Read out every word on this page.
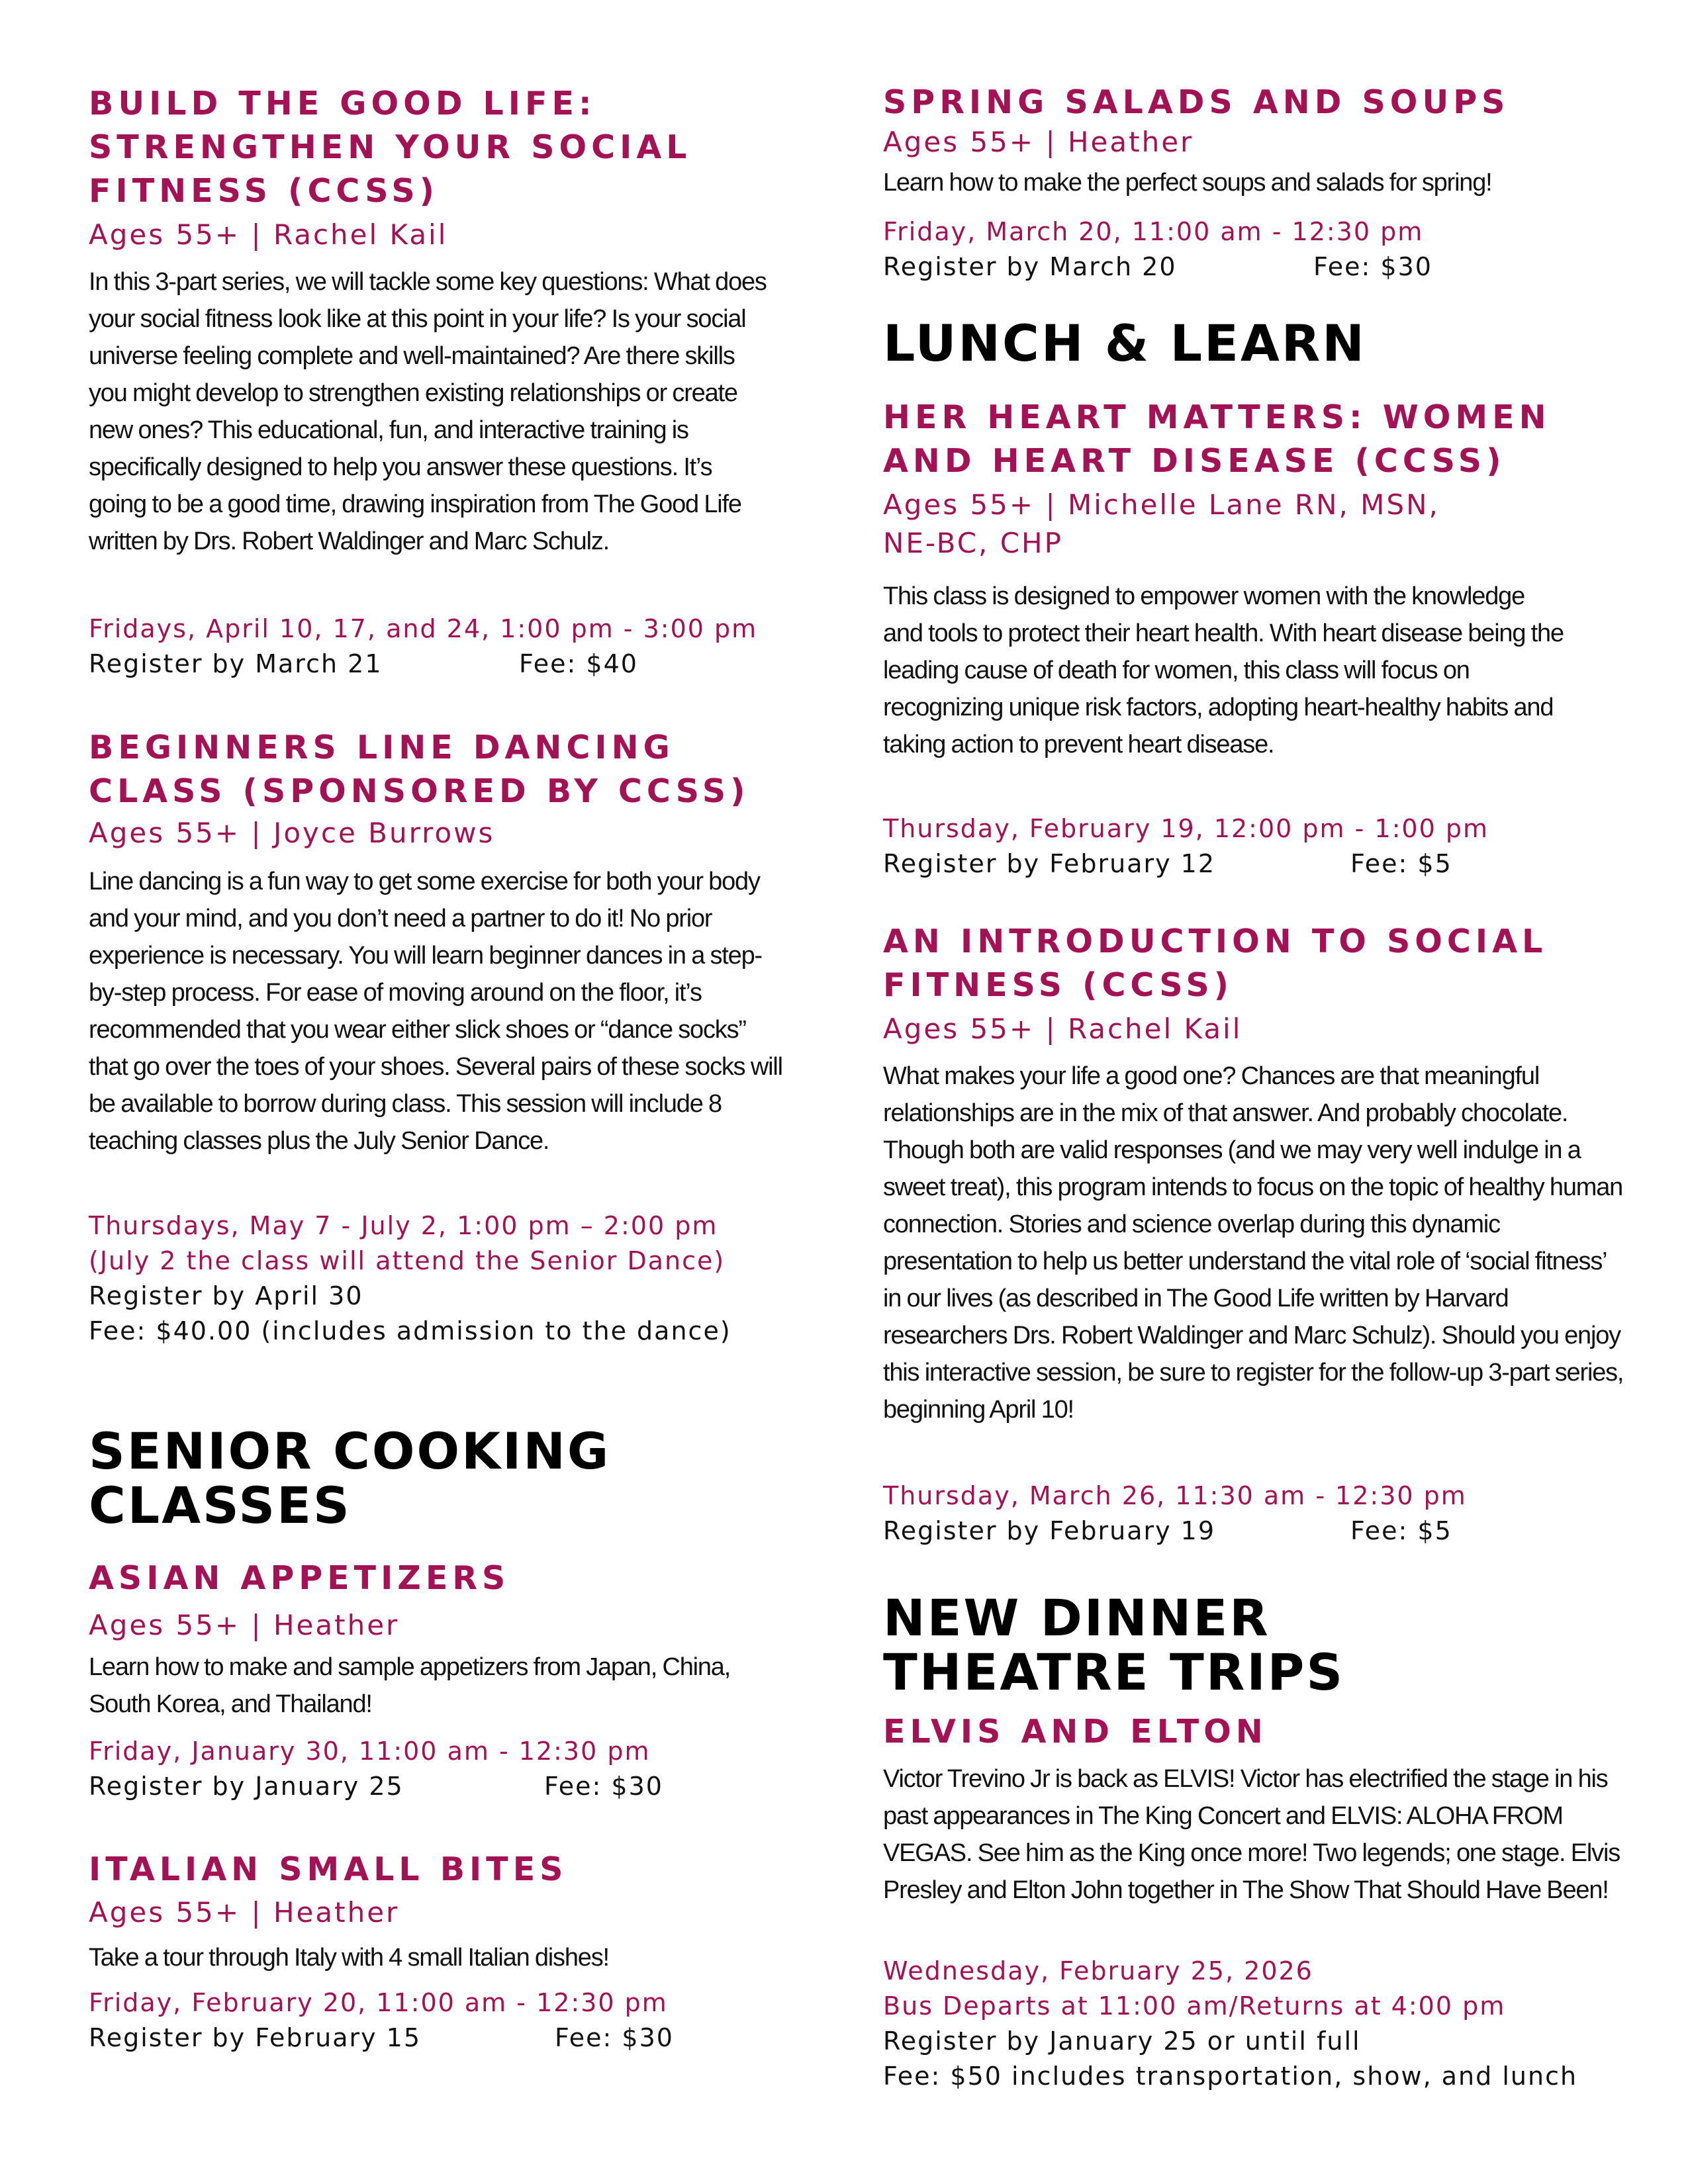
BUILD THE GOOD LIFE:
STRENGTHEN YOUR SOCIAL
FITNESS (CCSS)
Ages 55+ | Rachel Kail
In this 3-part series, we will tackle some key questions: What does your social fitness look like at this point in your life? Is your social universe feeling complete and well-maintained? Are there skills you might develop to strengthen existing relationships or create new ones? This educational, fun, and interactive training is specifically designed to help you answer these questions. It’s going to be a good time, drawing inspiration from The Good Life written by Drs. Robert Waldinger and Marc Schulz.
Fridays, April 10, 17, and 24, 1:00 pm - 3:00 pm
Register by March 21	Fee: $40
BEGINNERS LINE DANCING
CLASS (SPONSORED BY CCSS)
Ages 55+ | Joyce Burrows
Line dancing is a fun way to get some exercise for both your body and your mind, and you don’t need a partner to do it! No prior experience is necessary. You will learn beginner dances in a step-by-step process. For ease of moving around on the floor, it’s recommended that you wear either slick shoes or “dance socks” that go over the toes of your shoes. Several pairs of these socks will be available to borrow during class. This session will include 8 teaching classes plus the July Senior Dance.
Thursdays, May 7 - July 2, 1:00 pm – 2:00 pm
(July 2 the class will attend the Senior Dance)
Register by April 30
Fee: $40.00 (includes admission to the dance)
SENIOR COOKING
CLASSES
ASIAN APPETIZERS
Ages 55+ | Heather
Learn how to make and sample appetizers from Japan, China, South Korea, and Thailand!
Friday, January 30, 11:00 am - 12:30 pm
Register by January 25	Fee: $30
ITALIAN SMALL BITES
Ages 55+ | Heather
Take a tour through Italy with 4 small Italian dishes!
Friday, February 20, 11:00 am - 12:30 pm
Register by February 15	Fee: $30
SPRING SALADS AND SOUPS
Ages 55+ | Heather
Learn how to make the perfect soups and salads for spring!
Friday, March 20, 11:00 am - 12:30 pm
Register by March 20	Fee: $30
LUNCH & LEARN
HER HEART MATTERS: WOMEN
AND HEART DISEASE (CCSS)
Ages 55+ | Michelle Lane RN, MSN,
NE-BC, CHP
This class is designed to empower women with the knowledge and tools to protect their heart health. With heart disease being the leading cause of death for women, this class will focus on recognizing unique risk factors, adopting heart-healthy habits and taking action to prevent heart disease.
Thursday, February 19, 12:00 pm - 1:00 pm
Register by February 12	Fee: $5
AN INTRODUCTION TO SOCIAL
FITNESS (CCSS)
Ages 55+ | Rachel Kail
What makes your life a good one? Chances are that meaningful relationships are in the mix of that answer. And probably chocolate. Though both are valid responses (and we may very well indulge in a sweet treat), this program intends to focus on the topic of healthy human connection. Stories and science overlap during this dynamic presentation to help us better understand the vital role of ‘social fitness’ in our lives (as described in The Good Life written by Harvard researchers Drs. Robert Waldinger and Marc Schulz). Should you enjoy this interactive session, be sure to register for the follow-up 3-part series, beginning April 10!
Thursday, March 26, 11:30 am - 12:30 pm
Register by February 19	Fee: $5
NEW DINNER
THEATRE TRIPS
ELVIS AND ELTON
Victor Trevino Jr is back as ELVIS! Victor has electrified the stage in his past appearances in The King Concert and ELVIS: ALOHA FROM VEGAS. See him as the King once more! Two legends; one stage. Elvis Presley and Elton John together in The Show That Should Have Been!
Wednesday, February 25, 2026
Bus Departs at 11:00 am/Returns at 4:00 pm
Register by January 25 or until full
Fee: $50 includes transportation, show, and lunch
